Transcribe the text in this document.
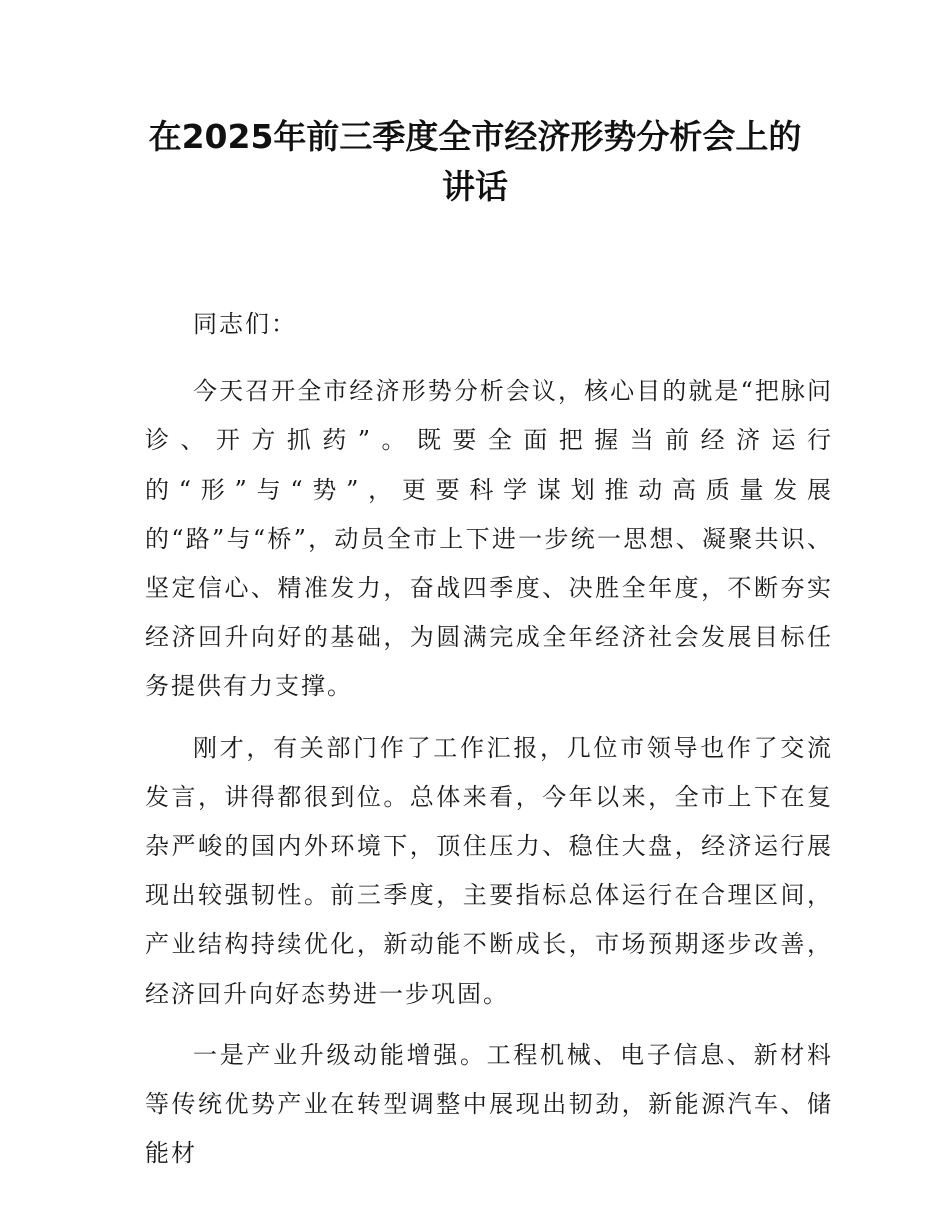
在2025年前三季度全市经济形势分析会上的
讲话

同志们：

今天召开全市经济形势分析会议，核心目的就是“把脉问诊、开方抓药”。既要全面把握当前经济运行的“形”与“势”，更要科学谋划推动高质量发展的“路”与“桥”，动员全市上下进一步统一思想、凝聚共识、坚定信心、精准发力，奋战四季度、决胜全年度，不断夯实经济回升向好的基础，为圆满完成全年经济社会发展目标任务提供有力支撑。

刚才，有关部门作了工作汇报，几位市领导也作了交流发言，讲得都很到位。总体来看，今年以来，全市上下在复杂严峻的国内外环境下，顶住压力、稳住大盘，经济运行展现出较强韧性。前三季度，主要指标总体运行在合理区间，产业结构持续优化，新动能不断成长，市场预期逐步改善，经济回升向好态势进一步巩固。

一是产业升级动能增强。工程机械、电子信息、新材料等传统优势产业在转型调整中展现出韧劲，新能源汽车、储能材
